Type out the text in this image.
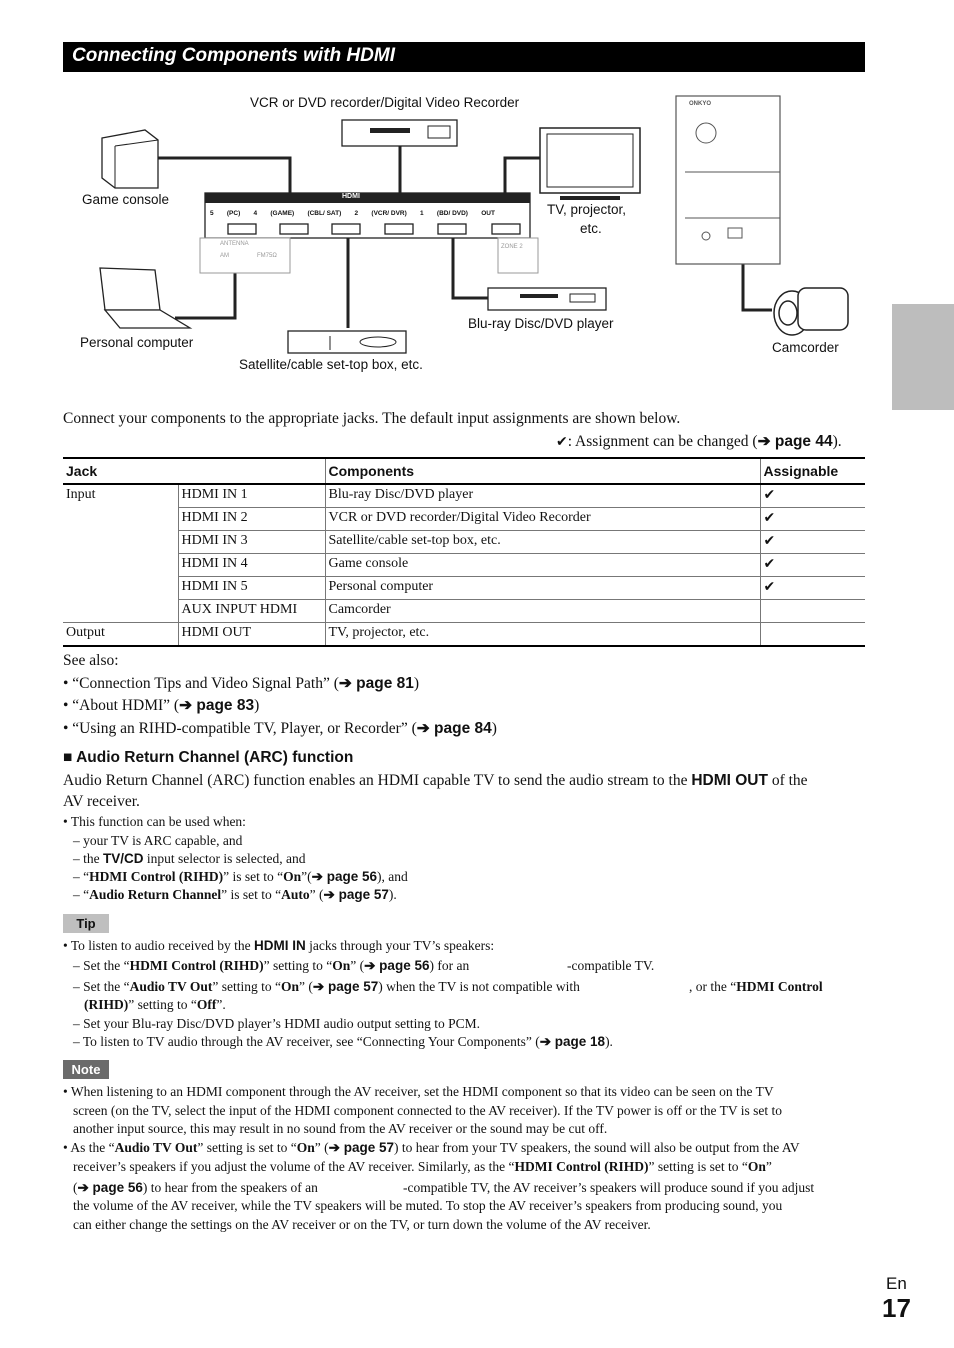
Connecting Components with HDMI
VCR or DVD recorder/Digital Video Recorder
Game console
TV, projector,
etc.
Personal computer
Satellite/cable set-top box, etc.
Blu-ray Disc/DVD player
Camcorder
HDMI
5 (PC) 4 (GAME) (CBL/ SAT) 2 (VCR/ DVR) 1 (BD/ DVD) OUT
ANTENNA
AM	FM75Ω
ZONE 2
ONKYO
Connect your components to the appropriate jacks. The default input assignments are shown below.
✔: Assignment can be changed (➔ page 44).
Jack		Components	Assignable
Input	HDMI IN 1	Blu-ray Disc/DVD player	✔
	HDMI IN 2	VCR or DVD recorder/Digital Video Recorder	✔
	HDMI IN 3	Satellite/cable set-top box, etc.	✔
	HDMI IN 4	Game console	✔
	HDMI IN 5	Personal computer	✔
	AUX INPUT HDMI	Camcorder	
Output	HDMI OUT	TV, projector, etc.	
See also:
• “Connection Tips and Video Signal Path” (➔ page 81)
• “About HDMI” (➔ page 83)
• “Using an RIHD-compatible TV, Player, or Recorder” (➔ page 84)
■ Audio Return Channel (ARC) function
Audio Return Channel (ARC) function enables an HDMI capable TV to send the audio stream to the HDMI OUT of the
AV receiver.
• This function can be used when:
– your TV is ARC capable, and
– the TV/CD input selector is selected, and
– “HDMI Control (RIHD)” is set to “On”(➔ page 56), and
– “Audio Return Channel” is set to “Auto” (➔ page 57).
Tip
• To listen to audio received by the HDMI IN jacks through your TV’s speakers:
– Set the “HDMI Control (RIHD)” setting to “On” (➔ page 56) for an	-compatible TV.
– Set the “Audio TV Out” setting to “On” (➔ page 57) when the TV is not compatible with	, or the “HDMI Control
(RIHD)” setting to “Off”.
– Set your Blu-ray Disc/DVD player’s HDMI audio output setting to PCM.
– To listen to TV audio through the AV receiver, see “Connecting Your Components” (➔ page 18).
Note
• When listening to an HDMI component through the AV receiver, set the HDMI component so that its video can be seen on the TV
screen (on the TV, select the input of the HDMI component connected to the AV receiver). If the TV power is off or the TV is set to
another input source, this may result in no sound from the AV receiver or the sound may be cut off.
• As the “Audio TV Out” setting is set to “On” (➔ page 57) to hear from your TV speakers, the sound will also be output from the AV
receiver’s speakers if you adjust the volume of the AV receiver. Similarly, as the “HDMI Control (RIHD)” setting is set to “On”
(➔ page 56) to hear from the speakers of an	-compatible TV, the AV receiver’s speakers will produce sound if you adjust
the volume of the AV receiver, while the TV speakers will be muted. To stop the AV receiver’s speakers from producing sound, you
can either change the settings on the AV receiver or on the TV, or turn down the volume of the AV receiver.
En
17
